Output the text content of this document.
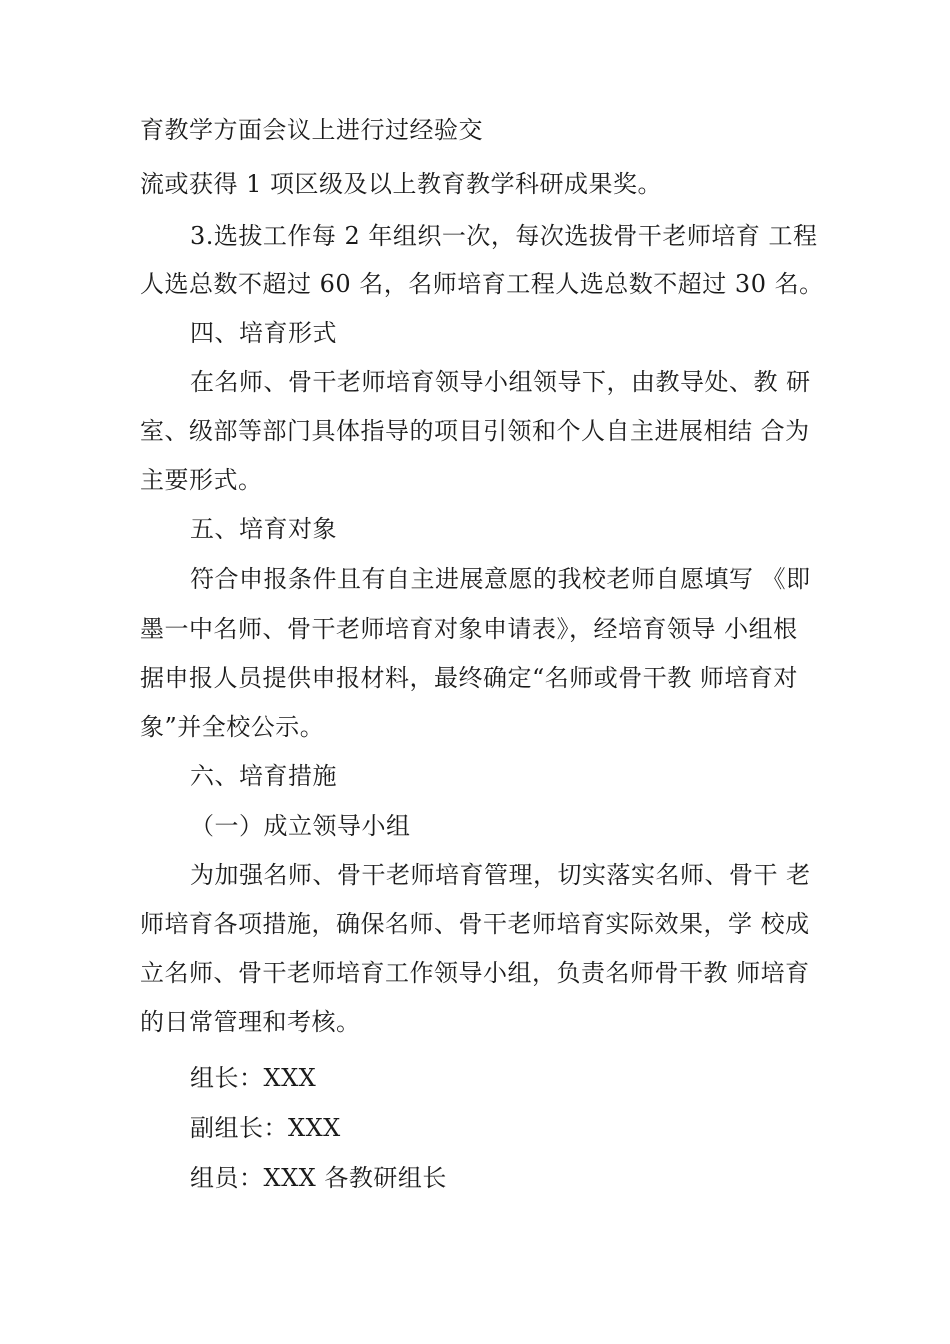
育教学方面会议上进行过经验交
流或获得 1 项区级及以上教育教学科研成果奖。
3.选拔工作每 2 年组织一次，每次选拔骨干老师培育 工程
人选总数不超过 60 名，名师培育工程人选总数不超过 30 名。
四、培育形式
在名师、骨干老师培育领导小组领导下，由教导处、教 研
室、级部等部门具体指导的项目引领和个人自主进展相结 合为
主要形式。
五、培育对象
符合申报条件且有自主进展意愿的我校老师自愿填写 《即
墨一中名师、骨干老师培育对象申请表》，经培育领导 小组根
据申报人员提供申报材料，最终确定“名师或骨干教 师培育对
象”并全校公示。
六、培育措施
（一）成立领导小组
为加强名师、骨干老师培育管理，切实落实名师、骨干 老
师培育各项措施，确保名师、骨干老师培育实际效果，学 校成
立名师、骨干老师培育工作领导小组，负责名师骨干教 师培育
的日常管理和考核。
组长：XXX
副组长：XXX
组员：XXX 各教研组长
